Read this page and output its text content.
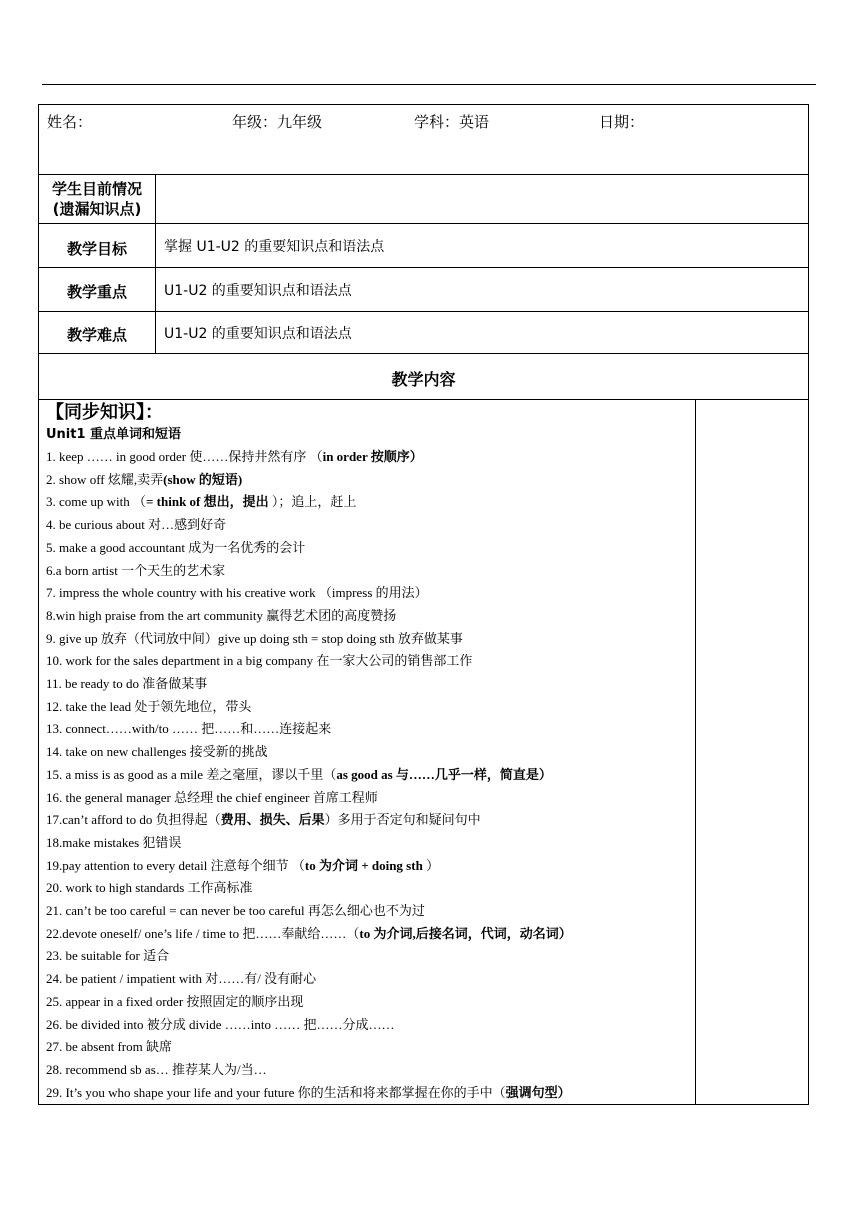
姓名：	年级：九年级	学科：英语	日期：
学生目前情况
(遗漏知识点)
教学目标	掌握 U1-U2 的重要知识点和语法点
教学重点	U1-U2 的重要知识点和语法点
教学难点	U1-U2 的重要知识点和语法点
教学内容
【同步知识】：
Unit1 重点单词和短语
1. keep …… in good order 使……保持井然有序 （in order 按顺序）
2. show off 炫耀,卖弄(show 的短语)
3. come up with （= think of 想出，提出 ）；追上，赶上
4. be curious about 对…感到好奇
5. make a good accountant 成为一名优秀的会计
6.a born artist 一个天生的艺术家
7. impress the whole country with his creative work （impress 的用法）
8.win high praise from the art community 赢得艺术团的高度赞扬
9. give up 放弃（代词放中间）give up doing sth = stop doing sth 放弃做某事
10. work for the sales department in a big company 在一家大公司的销售部工作
11. be ready to do 准备做某事
12. take the lead 处于领先地位，带头
13. connect……with/to …… 把……和……连接起来
14. take on new challenges 接受新的挑战
15. a miss is as good as a mile 差之毫厘，谬以千里（as good as 与……几乎一样，简直是）
16. the general manager 总经理 the chief engineer 首席工程师
17.can’t afford to do 负担得起（费用、损失、后果）多用于否定句和疑问句中
18.make mistakes 犯错误
19.pay attention to every detail 注意每个细节 （to 为介词 + doing sth ）
20. work to high standards 工作高标准
21. can’t be too careful = can never be too careful 再怎么细心也不为过
22.devote oneself/ one’s life / time to 把……奉献给……（to 为介词,后接名词，代词，动名词）
23. be suitable for 适合
24. be patient / impatient with 对……有/ 没有耐心
25. appear in a fixed order 按照固定的顺序出现
26. be divided into 被分成 divide ……into …… 把……分成……
27. be absent from 缺席
28. recommend sb as… 推荐某人为/当…
29. It’s you who shape your life and your future 你的生活和将来都掌握在你的手中（强调句型）
